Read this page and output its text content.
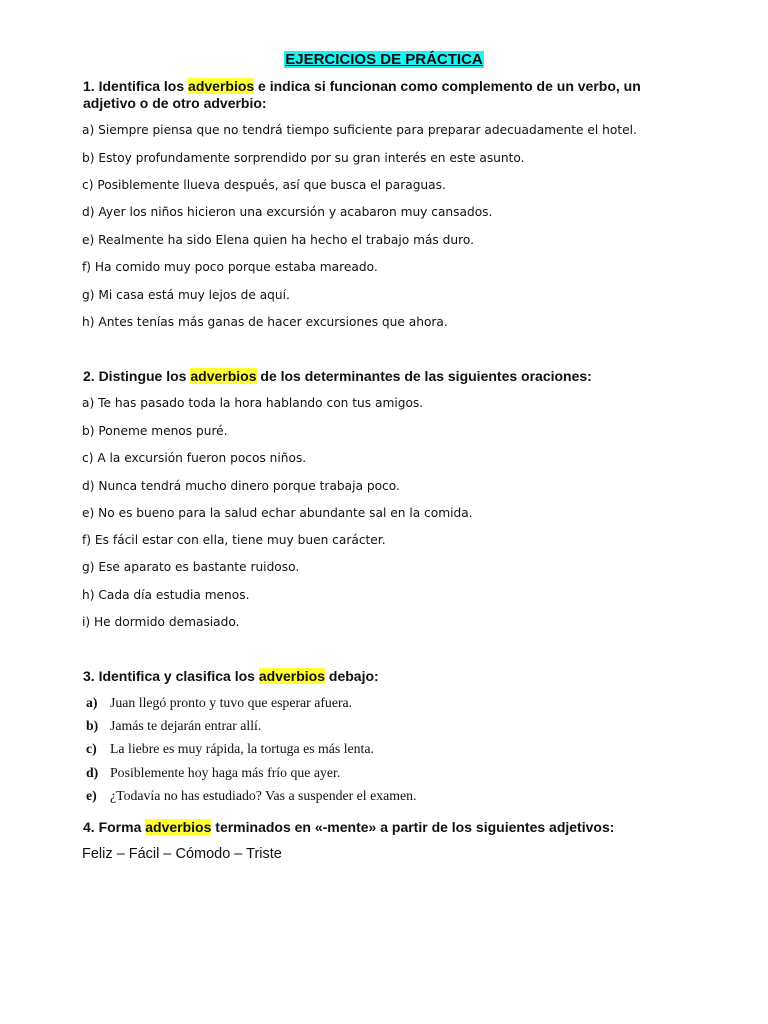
EJERCICIOS DE PRÁCTICA
1. Identifica los adverbios e indica si funcionan como complemento de un verbo, un adjetivo o de otro adverbio:
a) Siempre piensa que no tendrá tiempo suficiente para preparar adecuadamente el hotel.
b) Estoy profundamente sorprendido por su gran interés en este asunto.
c) Posiblemente llueva después, así que busca el paraguas.
d) Ayer los niños hicieron una excursión y acabaron muy cansados.
e) Realmente ha sido Elena quien ha hecho el trabajo más duro.
f) Ha comido muy poco porque estaba mareado.
g) Mi casa está muy lejos de aquí.
h) Antes tenías más ganas de hacer excursiones que ahora.
2. Distingue los adverbios de los determinantes de las siguientes oraciones:
a) Te has pasado toda la hora hablando con tus amigos.
b) Poneme menos puré.
c) A la excursión fueron pocos niños.
d) Nunca tendrá mucho dinero porque trabaja poco.
e) No es bueno para la salud echar abundante sal en la comida.
f) Es fácil estar con ella, tiene muy buen carácter.
g) Ese aparato es bastante ruidoso.
h) Cada día estudia menos.
i) He dormido demasiado.
3. Identifica y clasifica los adverbios debajo:
a) Juan llegó pronto y tuvo que esperar afuera.
b) Jamás te dejarán entrar allí.
c) La liebre es muy rápida, la tortuga es más lenta.
d) Posiblemente hoy haga más frío que ayer.
e) ¿Todavía no has estudiado? Vas a suspender el examen.
4. Forma adverbios terminados en «-mente» a partir de los siguientes adjetivos:
Feliz – Fácil – Cómodo – Triste
